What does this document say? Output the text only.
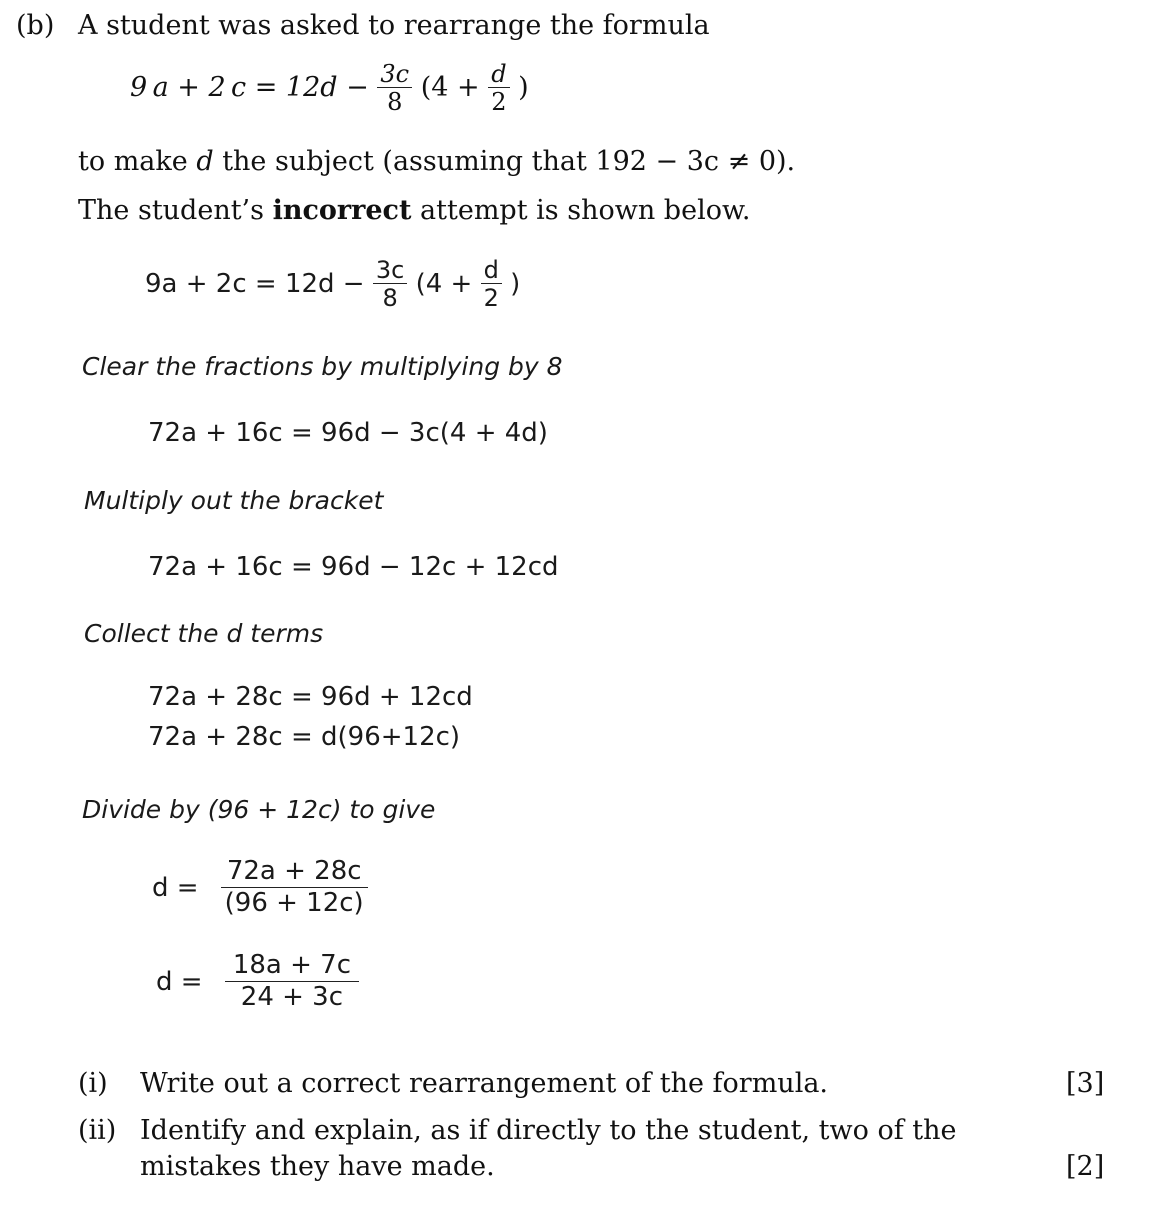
(b) A student was asked to rearrange the formula
9 a + 2 $c = 12d - \frac{3c}{8} (4 + \frac{d}{2}$ )
to make d the subject (assuming that 192 − 3c ≠ 0).
The student’s incorrect attempt is shown below.
$9a + 2c = 12d - \frac{3c}{8} (4 + \frac{d}{2}$ )
Clear the fractions by multiplying by 8
72a + 16c = 96d − 3c(4 + 4d)
Multiply out the bracket
72a + 16c = 96d − 12c + 12cd
Collect the d terms
72a + 28c = 96d + 12cd
72a + 28c = d(96+12c)
Divide by (96 + 12c) to give
$d = \frac{72a + 28c}{(96 + 12c)}$
$d = \frac{18a + 7c}{24 + 3c}$
(i) Write out a correct rearrangement of the formula.	[3]
(ii) Identify and explain, as if directly to the student, two of the
mistakes they have made.	[2]
